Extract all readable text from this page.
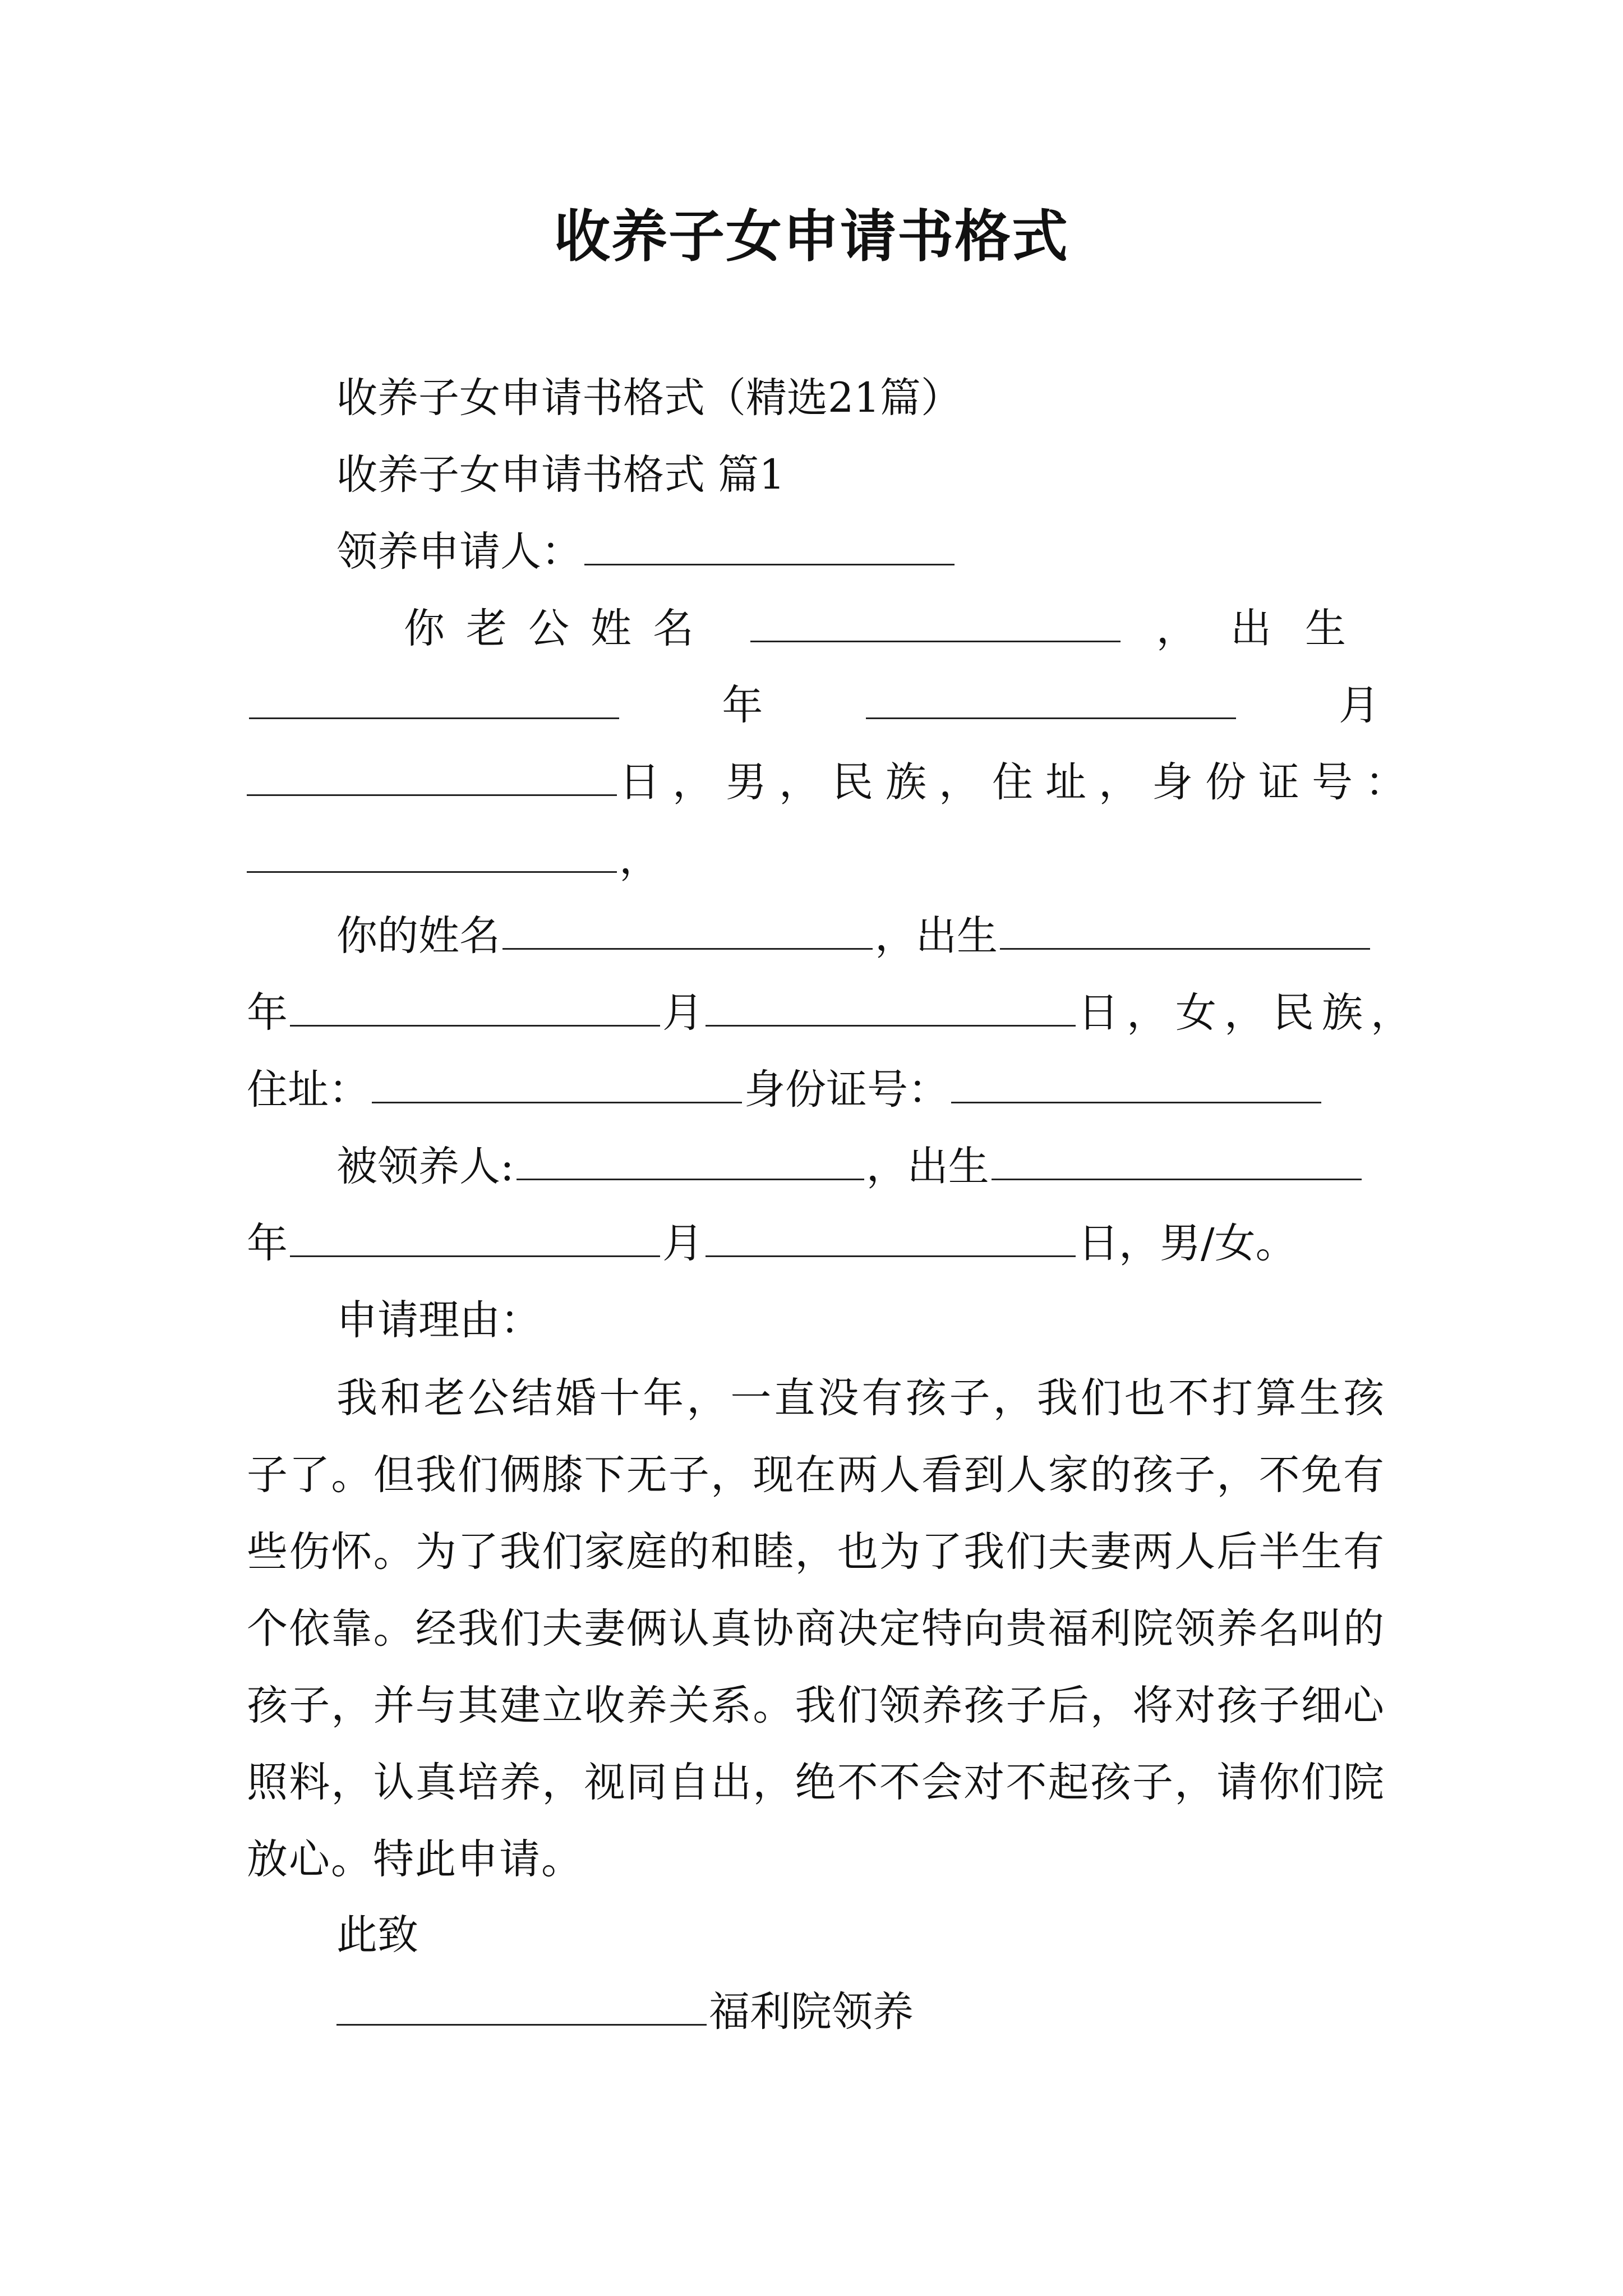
收养子女申请书格式
收养子女申请书格式（精选21篇）
收养子女申请书格式 篇1
领养申请人：
你老公姓名	， 出生
年	月
日，男，民族，住址，身份证号：
，
你的姓名	，出生
年	月	日，女，民族，
住址：	身份证号：
被领养人:	，出生
年	月	日，男/女。
申请理由：
我和老公结婚十年，一直没有孩子，我们也不打算生孩子了。但我们俩膝下无子，现在两人看到人家的孩子，不免有些伤怀。为了我们家庭的和睦，也为了我们夫妻两人后半生有个依靠。经我们夫妻俩认真协商决定特向贵福利院领养名叫的孩子，并与其建立收养关系。我们领养孩子后，将对孩子细心照料，认真培养，视同自出，绝不不会对不起孩子，请你们院放心。特此申请。
此致
福利院领养
